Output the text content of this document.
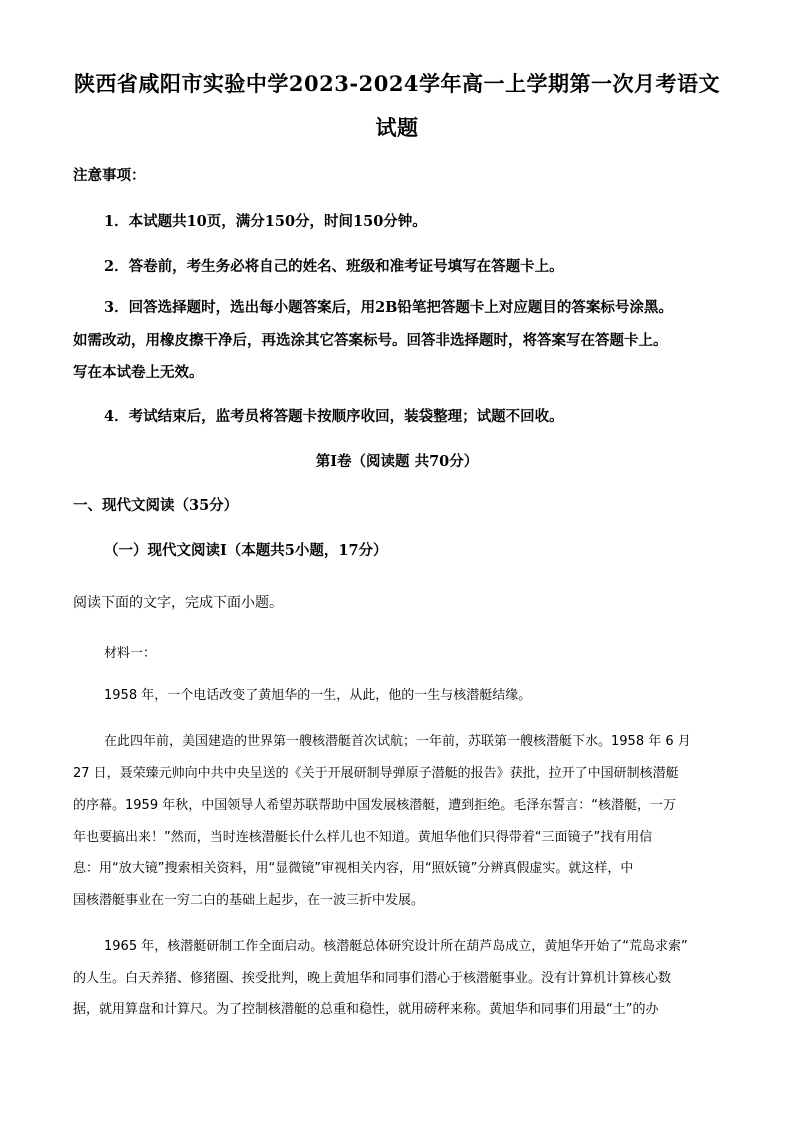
陕西省咸阳市实验中学2023-2024学年高一上学期第一次月考语文
试题
注意事项：
1．本试题共10页，满分150分，时间150分钟。
2．答卷前，考生务必将自己的姓名、班级和准考证号填写在答题卡上。
3．回答选择题时，选出每小题答案后，用2B铅笔把答题卡上对应题目的答案标号涂黑。
如需改动，用橡皮擦干净后，再选涂其它答案标号。回答非选择题时，将答案写在答题卡上。
写在本试卷上无效。
4．考试结束后，监考员将答题卡按顺序收回，装袋整理；试题不回收。
第Ⅰ卷（阅读题 共70分）
一、现代文阅读（35分）
（一）现代文阅读Ⅰ（本题共5小题，17分）
阅读下面的文字，完成下面小题。
材料一：
1958 年，一个电话改变了黄旭华的一生，从此，他的一生与核潜艇结缘。
在此四年前，美国建造的世界第一艘核潜艇首次试航；一年前，苏联第一艘核潜艇下水。1958 年 6 月
27 日，聂荣臻元帅向中共中央呈送的《关于开展研制导弹原子潜艇的报告》获批，拉开了中国研制核潜艇
的序幕。1959 年秋，中国领导人希望苏联帮助中国发展核潜艇，遭到拒绝。毛泽东誓言：“核潜艇，一万
年也要搞出来！”然而，当时连核潜艇长什么样儿也不知道。黄旭华他们只得带着“三面镜子”找有用信
息：用“放大镜”搜索相关资料，用“显微镜”审视相关内容，用“照妖镜”分辨真假虚实。就这样，中
国核潜艇事业在一穷二白的基础上起步，在一波三折中发展。
1965 年，核潜艇研制工作全面启动。核潜艇总体研究设计所在葫芦岛成立，黄旭华开始了“荒岛求索”
的人生。白天养猪、修猪圈、挨受批判，晚上黄旭华和同事们潜心于核潜艇事业。没有计算机计算核心数
据，就用算盘和计算尺。为了控制核潜艇的总重和稳性，就用磅秤来称。黄旭华和同事们用最“土”的办
